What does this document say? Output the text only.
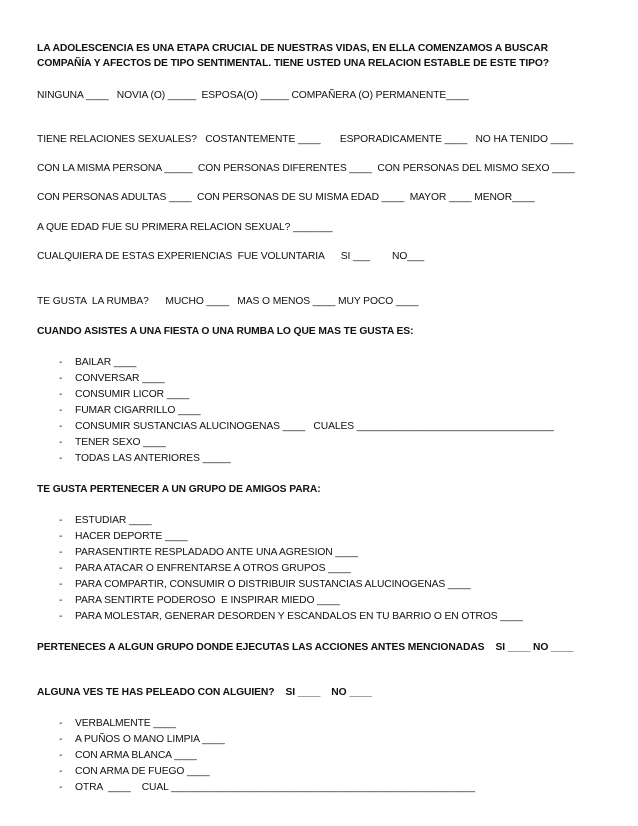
LA ADOLESCENCIA ES UNA ETAPA CRUCIAL DE NUESTRAS VIDAS, EN ELLA COMENZAMOS A BUSCAR
COMPAÑÍA Y AFECTOS DE TIPO SENTIMENTAL. TIENE USTED UNA RELACION ESTABLE DE ESTE TIPO?
NINGUNA ____   NOVIA (O) _____  ESPOSA(O) _____ COMPAÑERA (O) PERMANENTE____
TIENE RELACIONES SEXUALES?   COSTANTEMENTE ____       ESPORADICAMENTE ____   NO HA TENIDO ____
CON LA MISMA PERSONA _____  CON PERSONAS DIFERENTES ____  CON PERSONAS DEL MISMO SEXO ____
CON PERSONAS ADULTAS ____  CON PERSONAS DE SU MISMA EDAD ____  MAYOR ____ MENOR____
A QUE EDAD FUE SU PRIMERA RELACION SEXUAL? _______
CUALQUIERA DE ESTAS EXPERIENCIAS  FUE VOLUNTARIA      SI ___        NO___
TE GUSTA  LA RUMBA?      MUCHO ____   MAS O MENOS ____ MUY POCO ____
CUANDO ASISTES A UNA FIESTA O UNA RUMBA LO QUE MAS TE GUSTA ES:
- BAILAR ____
- CONVERSAR ____
- CONSUMIR LICOR ____
- FUMAR CIGARRILLO ____
- CONSUMIR SUSTANCIAS ALUCINOGENAS ____   CUALES ___________________________________
- TENER SEXO ____
- TODAS LAS ANTERIORES _____
TE GUSTA PERTENECER A UN GRUPO DE AMIGOS PARA:
- ESTUDIAR ____
- HACER DEPORTE ____
- PARASENTIRTE RESPLADADO ANTE UNA AGRESION ____
- PARA ATACAR O ENFRENTARSE A OTROS GRUPOS ____
- PARA COMPARTIR, CONSUMIR O DISTRIBUIR SUSTANCIAS ALUCINOGENAS ____
- PARA SENTIRTE PODEROSO  E INSPIRAR MIEDO ____
- PARA MOLESTAR, GENERAR DESORDEN Y ESCANDALOS EN TU BARRIO O EN OTROS ____
PERTENECES A ALGUN GRUPO DONDE EJECUTAS LAS ACCIONES ANTES MENCIONADAS    SI ____ NO ____
ALGUNA VES TE HAS PELEADO CON ALGUIEN?    SI ____    NO ____
- VERBALMENTE ____
- A PUÑOS O MANO LIMPIA ____
- CON ARMA BLANCA ____
- CON ARMA DE FUEGO ____
- OTRA  ____    CUAL ______________________________________________________
